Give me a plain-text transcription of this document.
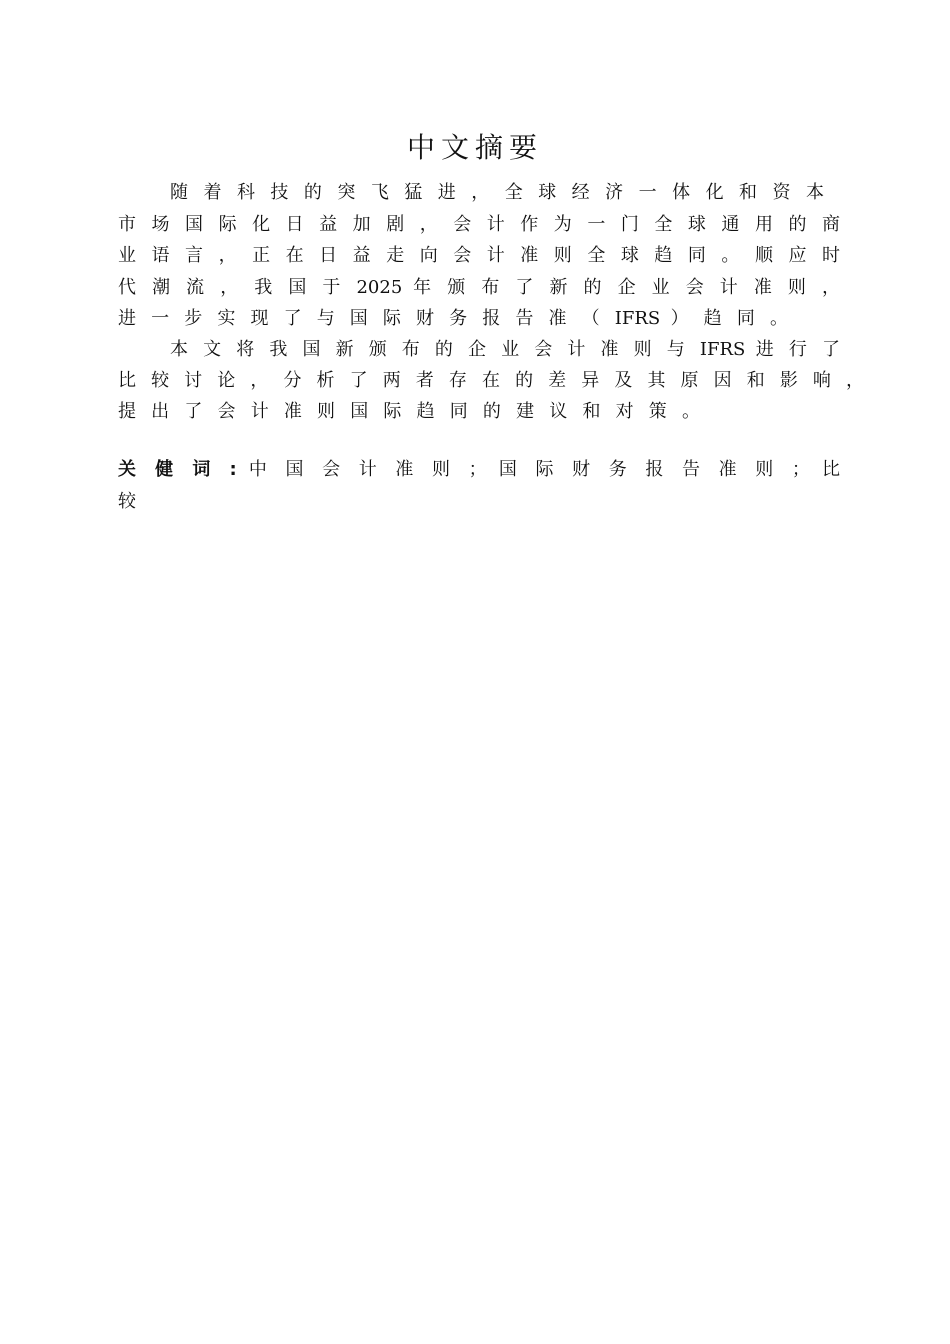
中文摘要
随 着 科 技 的 突 飞 猛 进 ， 全 球 经 济 一 体 化 和 资 本
市 场 国 际 化 日 益 加 剧 ， 会 计 作 为 一 门 全 球 通 用 的 商
业 语 言 ， 正 在 日 益 走 向 会 计 准 则 全 球 趋 同 。 顺 应 时
代 潮 流 ， 我 国 于 2025 年 颁 布 了 新 的 企 业 会 计 准 则 ，
进 一 步 实 现 了 与 国 际 财 务 报 告 准 （ IFRS ） 趋 同 。
本 文 将 我 国 新 颁 布 的 企 业 会 计 准 则 与 IFRS 进 行 了
比 较 讨 论 ， 分 析 了 两 者 存 在 的 差 异 及 其 原 因 和 影 响 ，
提 出 了 会 计 准 则 国 际 趋 同 的 建 议 和 对 策 。
关 健 词 : 中 国 会 计 准 则 ； 国 际 财 务 报 告 准 则 ； 比
较
